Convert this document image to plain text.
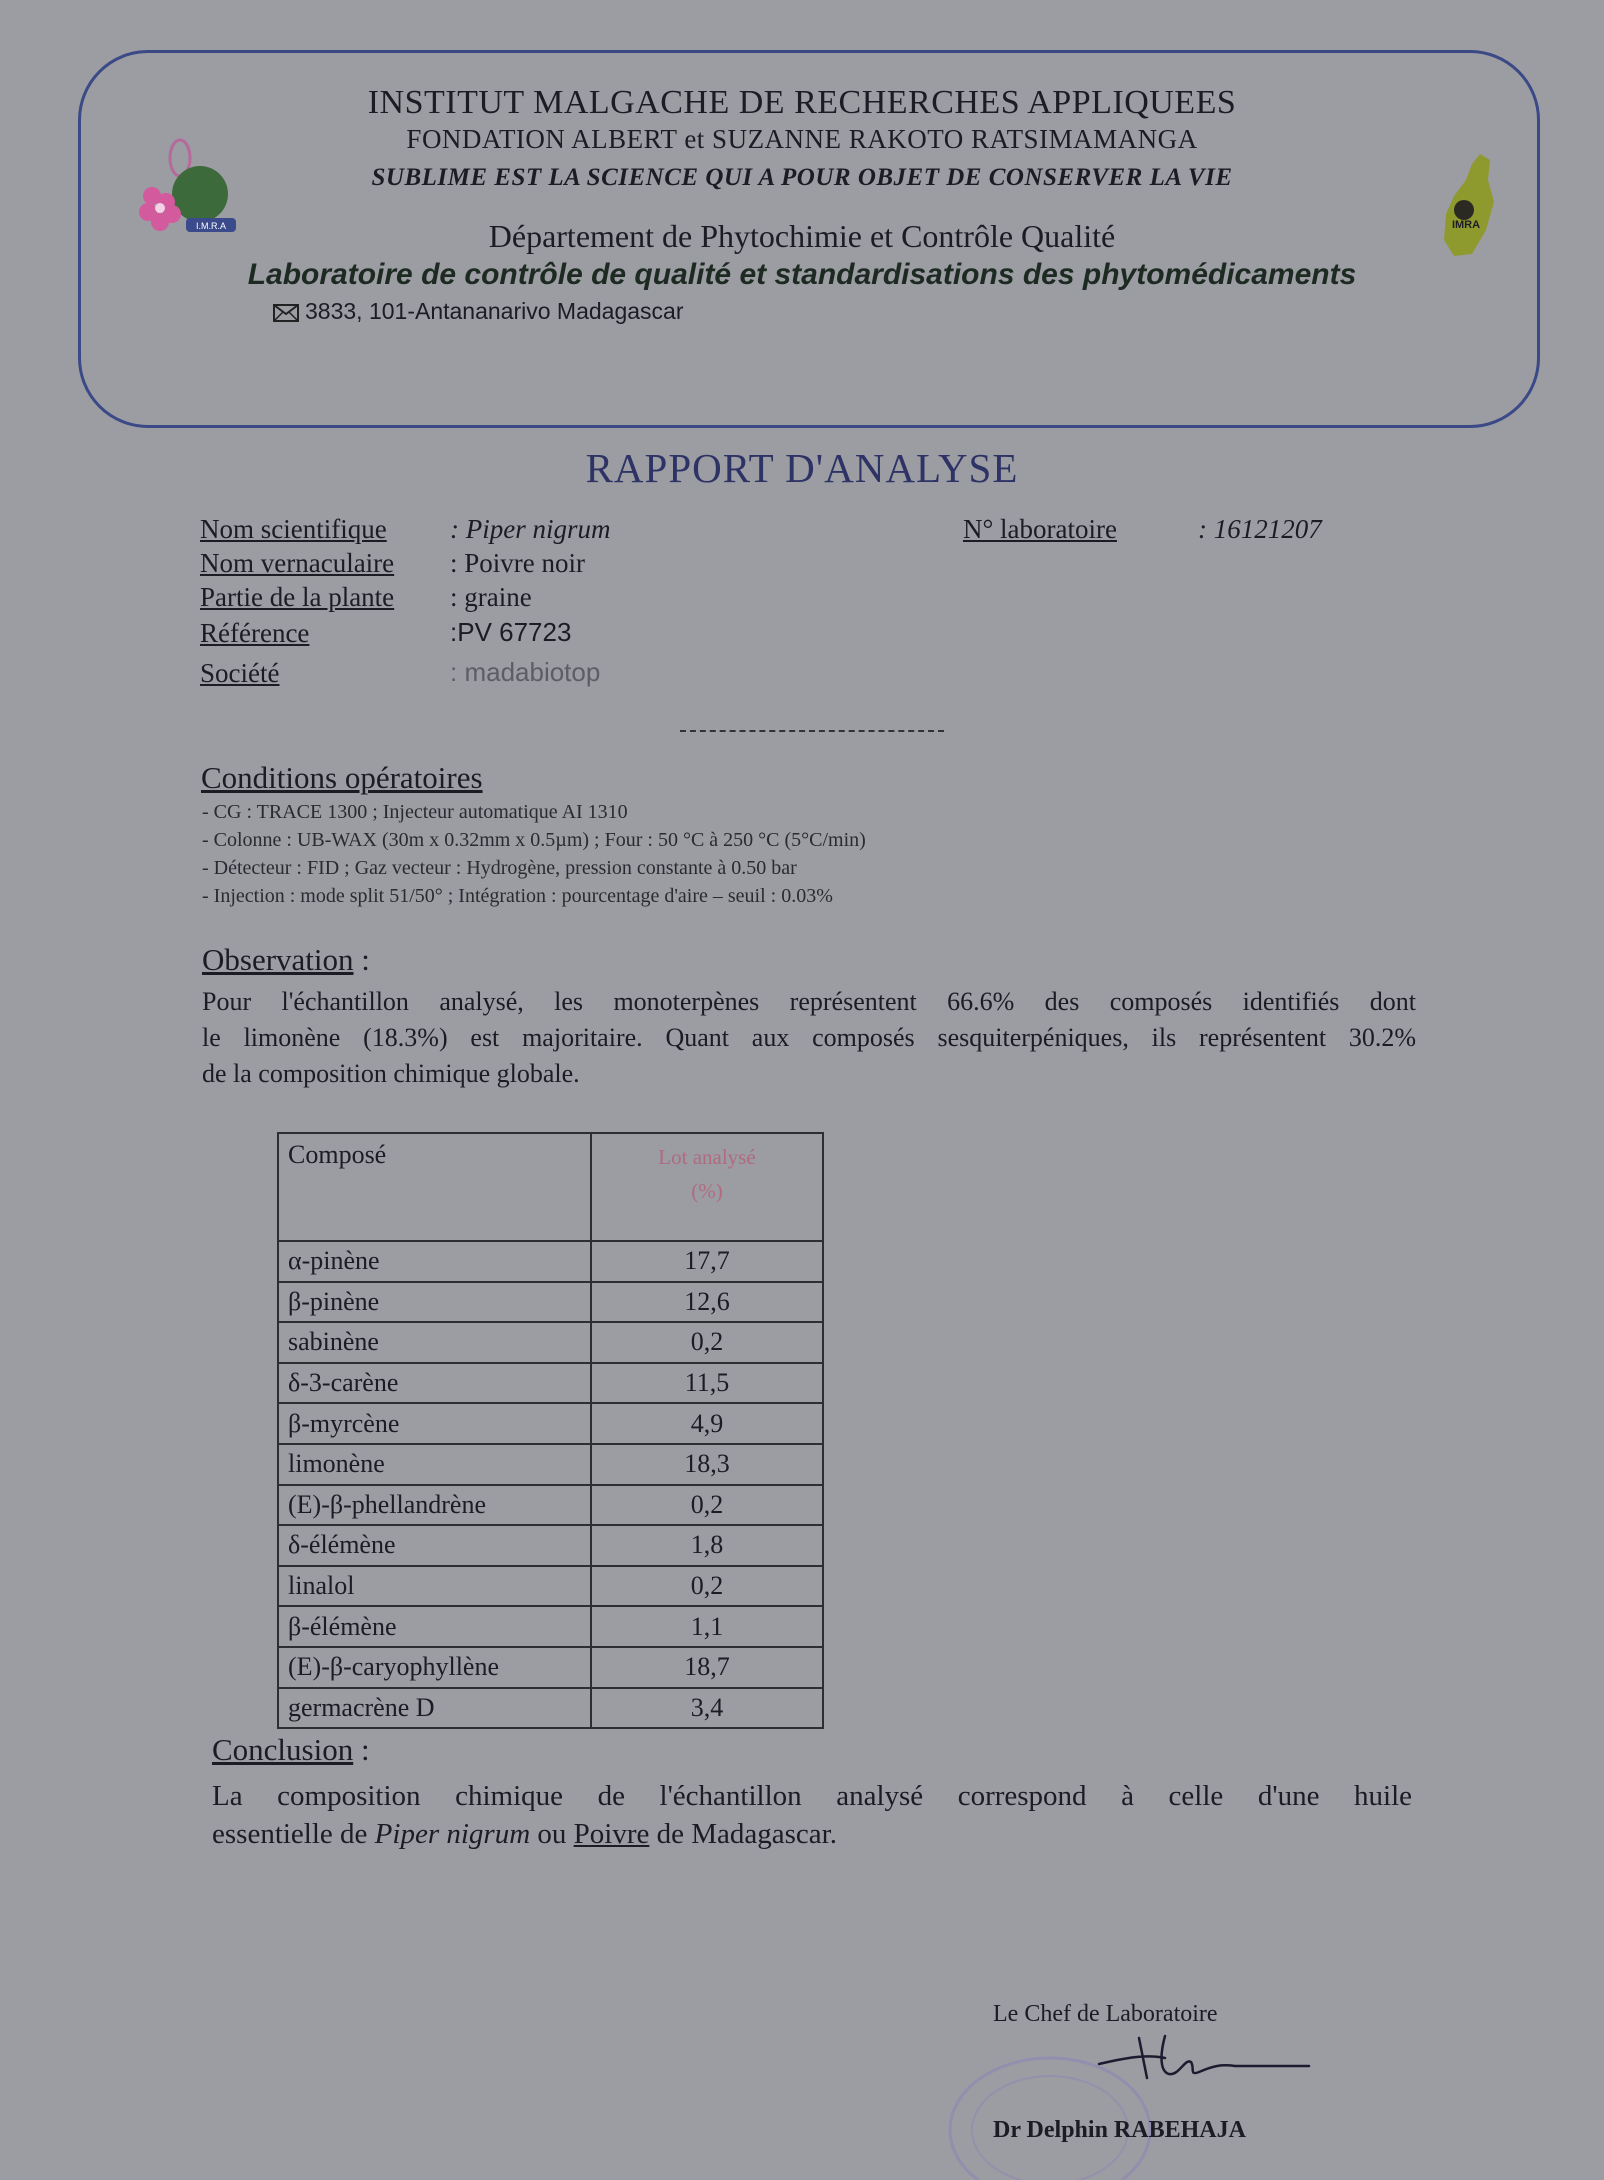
I.M.R.A	IMRA
INSTITUT MALGACHE DE RECHERCHES APPLIQUEES
FONDATION ALBERT et SUZANNE RAKOTO RATSIMAMANGA
SUBLIME EST LA SCIENCE QUI A POUR OBJET DE CONSERVER LA VIE
Département de Phytochimie et Contrôle Qualité
Laboratoire de contrôle de qualité et standardisations des phytomédicaments
3833, 101-Antananarivo Madagascar
RAPPORT D'ANALYSE
Nom scientifique : Piper nigrum
Nom vernaculaire : Poivre noir
Partie de la plante : graine
Référence	:PV 67723
Société	: madabiotop
N° laboratoire	: 16121207
Conditions opératoires
- CG : TRACE 1300 ; Injecteur automatique AI 1310
- Colonne : UB-WAX (30m x 0.32mm x 0.5µm) ; Four : 50 °C à 250 °C (5°C/min)
- Détecteur : FID ; Gaz vecteur : Hydrogène, pression constante à 0.50 bar
- Injection : mode split 51/50° ; Intégration : pourcentage d'aire – seuil : 0.03%
Observation :
Pour l'échantillon analysé, les monoterpènes représentent 66.6% des composés identifiés dont
le limonène (18.3%) est majoritaire. Quant aux composés sesquiterpéniques, ils représentent 30.2%
de la composition chimique globale.
Composé	Lot analysé
(%)

α-pinène	17,7
β-pinène	12,6
sabinène	0,2
δ-3-carène	11,5
β-myrcène	4,9
limonène	18,3
(E)-β-phellandrène	0,2
δ-élémène	1,8
linalol	0,2
β-élémène	1,1
(E)-β-caryophyllène	18,7
germacrène D	3,4
Conclusion :
La composition chimique de l'échantillon analysé correspond à celle d'une huile
essentielle de Piper nigrum ou Poivre de Madagascar.
Le Chef de Laboratoire
Dr Delphin RABEHAJA
